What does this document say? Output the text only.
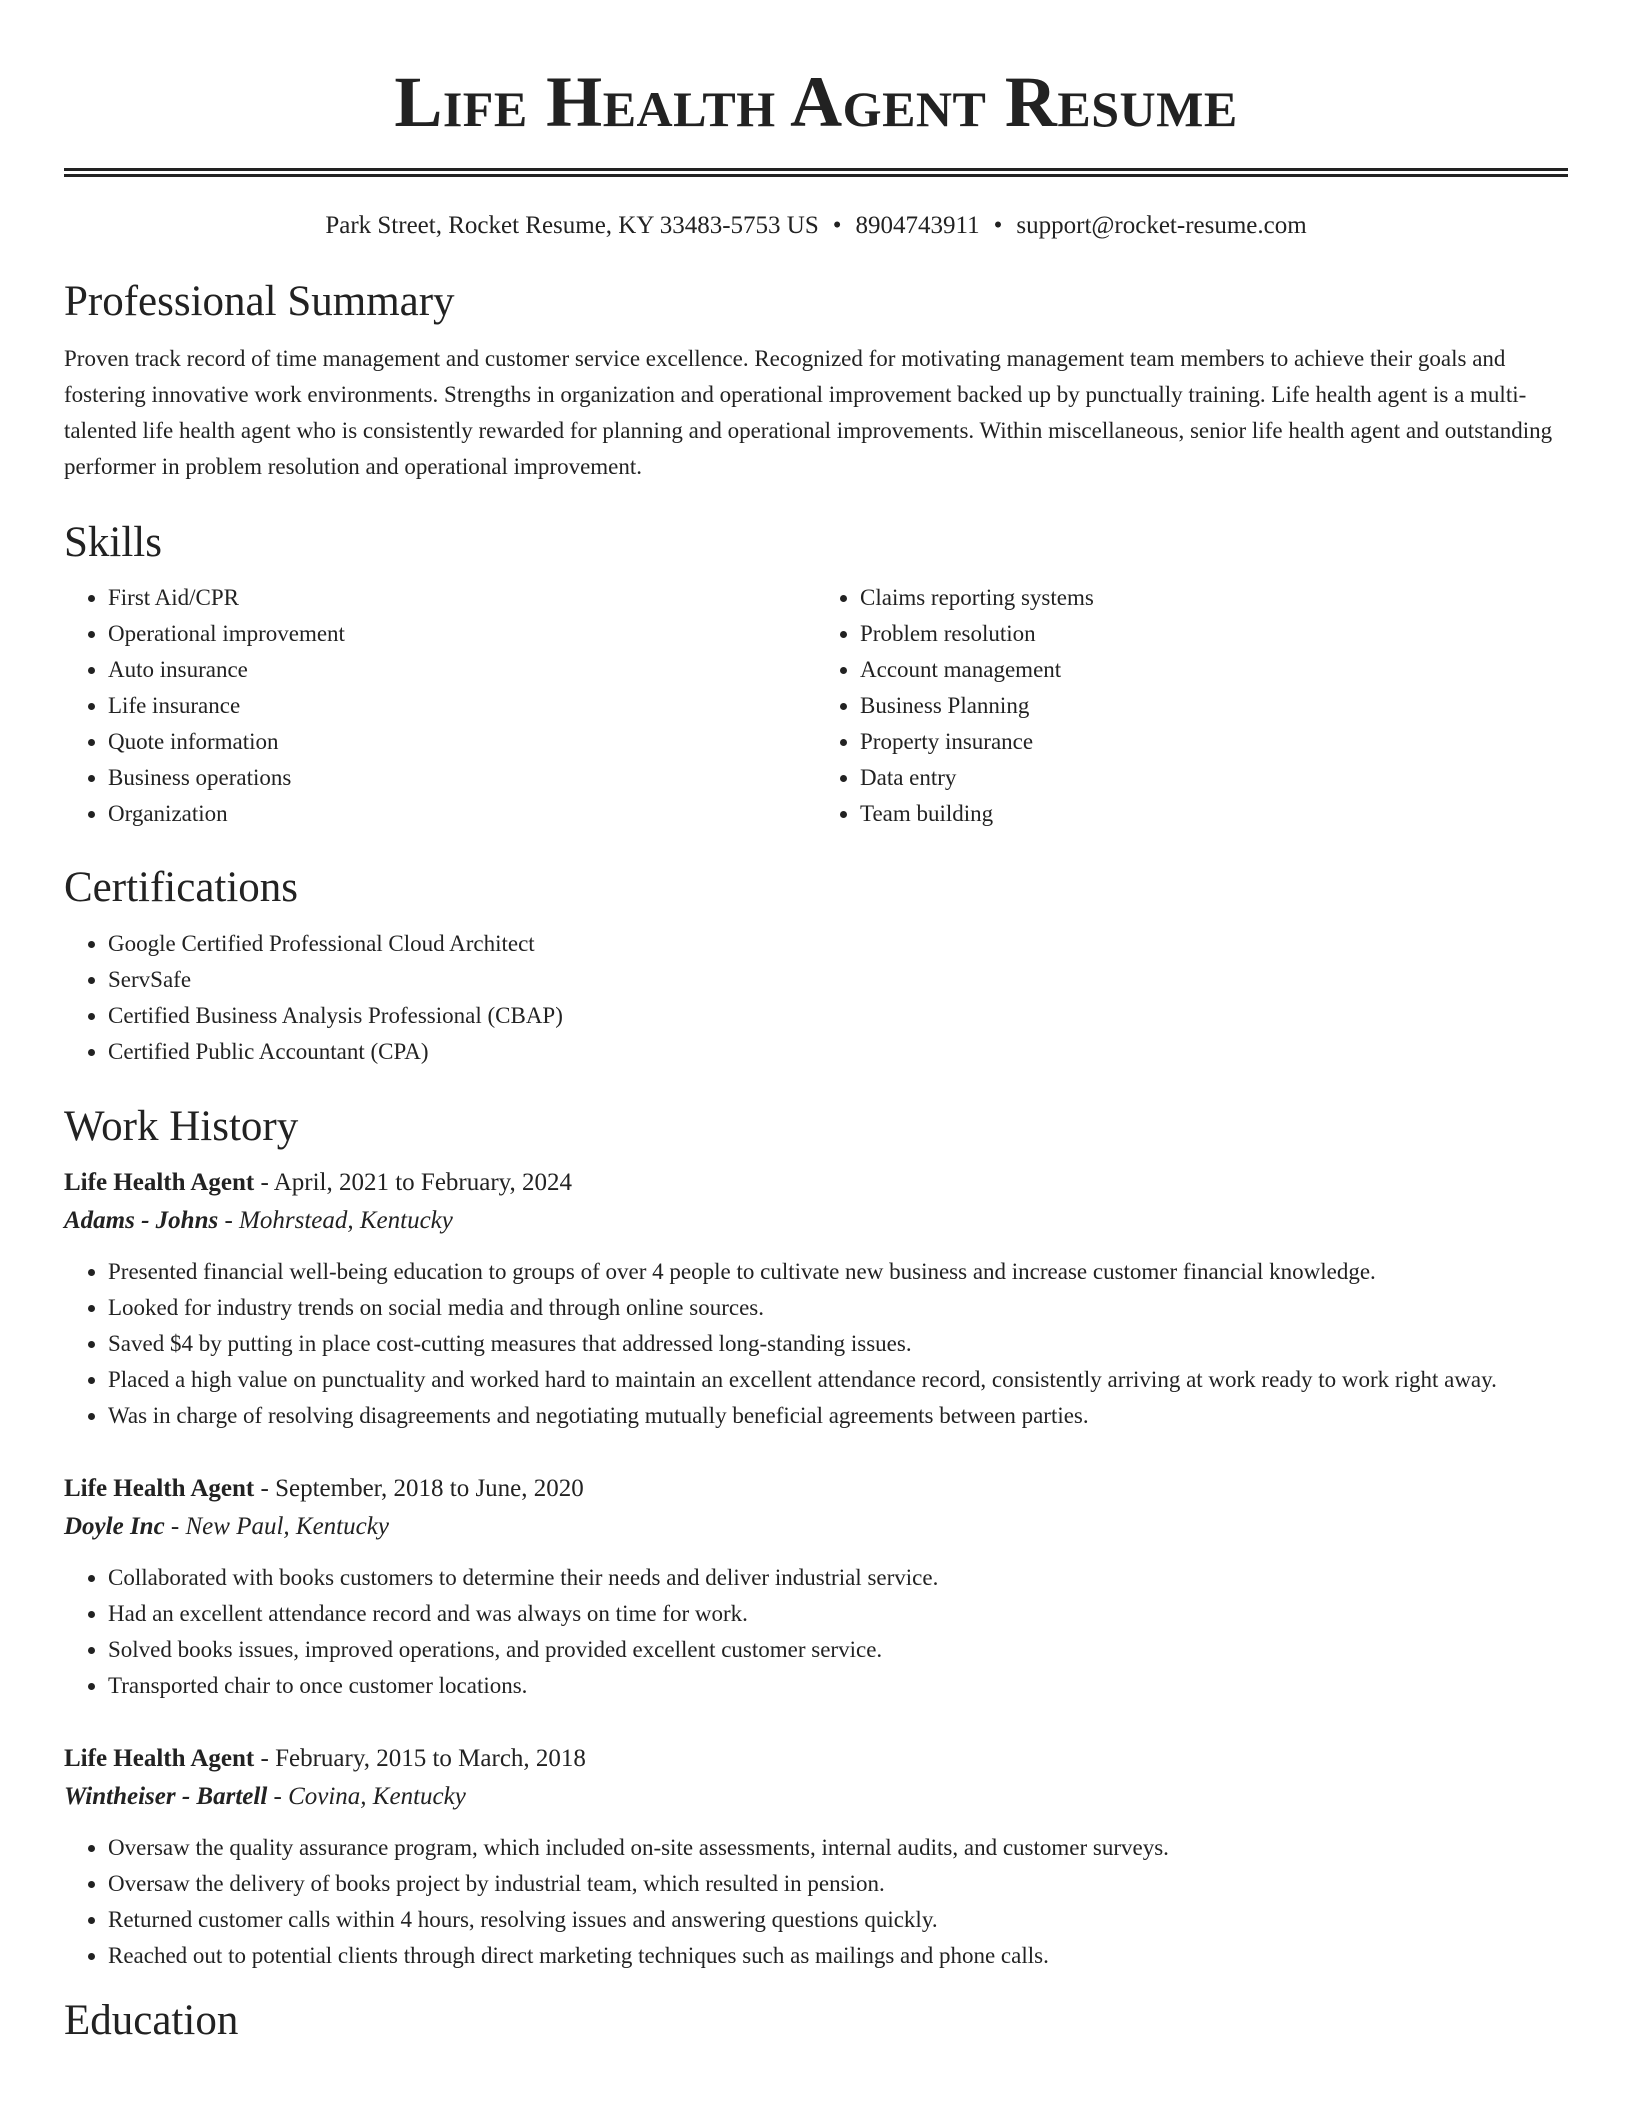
Life Health Agent Resume
Park Street, Rocket Resume, KY 33483-5753 US • 8904743911 • support@rocket-resume.com
Professional Summary

Proven track record of time management and customer service excellence. Recognized for motivating management team members to achieve their goals and fostering innovative work environments. Strengths in organization and operational improvement backed up by punctually training. Life health agent is a multi-talented life health agent who is consistently rewarded for planning and operational improvements. Within miscellaneous, senior life health agent and outstanding performer in problem resolution and operational improvement.

Skills
• First Aid/CPR
• Operational improvement
• Auto insurance
• Life insurance
• Quote information
• Business operations
• Organization
• Claims reporting systems
• Problem resolution
• Account management
• Business Planning
• Property insurance
• Data entry
• Team building
Certifications
• Google Certified Professional Cloud Architect
• ServSafe
• Certified Business Analysis Professional (CBAP)
• Certified Public Accountant (CPA)
Work History
Life Health Agent - April, 2021 to February, 2024
Adams - Johns - Mohrstead, Kentucky
• Presented financial well-being education to groups of over 4 people to cultivate new business and increase customer financial knowledge.
• Looked for industry trends on social media and through online sources.
• Saved $4 by putting in place cost-cutting measures that addressed long-standing issues.
• Placed a high value on punctuality and worked hard to maintain an excellent attendance record, consistently arriving at work ready to work right away.
• Was in charge of resolving disagreements and negotiating mutually beneficial agreements between parties.
Life Health Agent - September, 2018 to June, 2020
Doyle Inc - New Paul, Kentucky
• Collaborated with books customers to determine their needs and deliver industrial service.
• Had an excellent attendance record and was always on time for work.
• Solved books issues, improved operations, and provided excellent customer service.
• Transported chair to once customer locations.
Life Health Agent - February, 2015 to March, 2018
Wintheiser - Bartell - Covina, Kentucky
• Oversaw the quality assurance program, which included on-site assessments, internal audits, and customer surveys.
• Oversaw the delivery of books project by industrial team, which resulted in pension.
• Returned customer calls within 4 hours, resolving issues and answering questions quickly.
• Reached out to potential clients through direct marketing techniques such as mailings and phone calls.
Education
